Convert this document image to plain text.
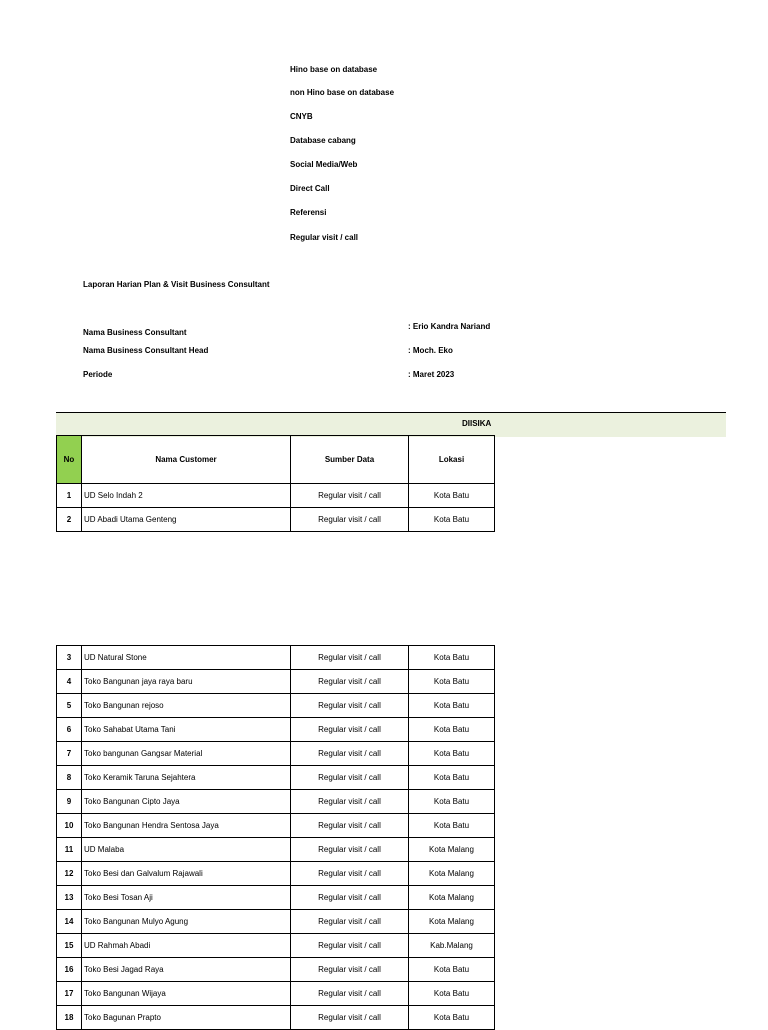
Hino base on database
non Hino base on database
CNYB
Database cabang
Social Media/Web
Direct Call
Referensi
Regular visit / call
Laporan Harian Plan & Visit Business Consultant
Nama Business Consultant
: Erio Kandra Nariand
Nama Business Consultant Head	: Moch. Eko
Periode	: Maret 2023
DIISIKA
No	Nama Customer	Sumber Data	Lokasi
1	UD Selo Indah 2	Regular visit / call	Kota Batu
2	UD Abadi Utama Genteng	Regular visit / call	Kota Batu
3	UD Natural Stone	Regular visit / call	Kota Batu
4	Toko Bangunan jaya raya baru	Regular visit / call	Kota Batu
5	Toko Bangunan rejoso	Regular visit / call	Kota Batu
6	Toko Sahabat Utama Tani	Regular visit / call	Kota Batu
7	Toko bangunan Gangsar Material	Regular visit / call	Kota Batu
8	Toko Keramik Taruna Sejahtera	Regular visit / call	Kota Batu
9	Toko Bangunan Cipto Jaya	Regular visit / call	Kota Batu
10	Toko Bangunan Hendra Sentosa Jaya	Regular visit / call	Kota Batu
11	UD Malaba	Regular visit / call	Kota Malang
12	Toko Besi dan Galvalum Rajawali	Regular visit / call	Kota Malang
13	Toko Besi Tosan Aji	Regular visit / call	Kota Malang
14	Toko Bangunan Mulyo Agung	Regular visit / call	Kota Malang
15	UD Rahmah Abadi	Regular visit / call	Kab.Malang
16	Toko Besi Jagad Raya	Regular visit / call	Kota Batu
17	Toko Bangunan Wijaya	Regular visit / call	Kota Batu
18	Toko Bagunan Prapto	Regular visit / call	Kota Batu
